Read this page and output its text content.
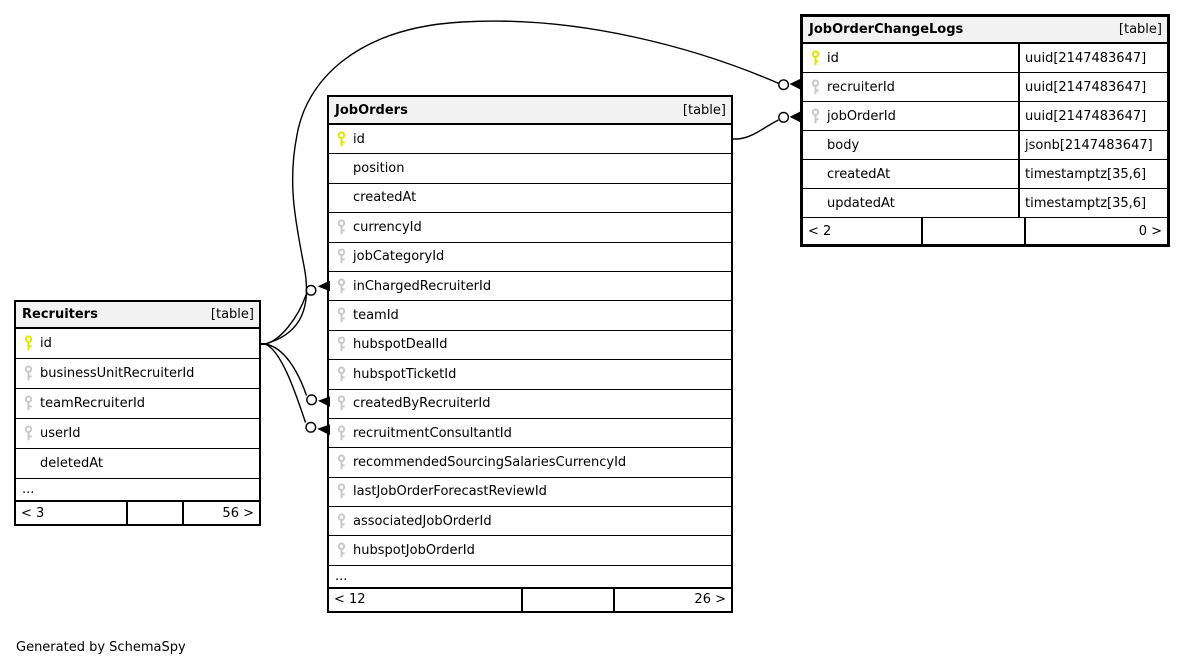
Recruiters	[table]
id
businessUnitRecruiterId
teamRecruiterId
userId
deletedAt
...
< 3	56 >
JobOrders	[table]
id
position
createdAt
currencyId
jobCategoryId
inChargedRecruiterId
teamId
hubspotDealId
hubspotTicketId
createdByRecruiterId
recruitmentConsultantId
recommendedSourcingSalariesCurrencyId
lastJobOrderForecastReviewId
associatedJobOrderId
hubspotJobOrderId
...
< 12	26 >
JobOrderChangeLogs	[table]
id	uuid[2147483647]
recruiterId	uuid[2147483647]
jobOrderId	uuid[2147483647]
body	jsonb[2147483647]
createdAt	timestamptz[35,6]
updatedAt	timestamptz[35,6]
< 2	0 >
Generated by SchemaSpy
